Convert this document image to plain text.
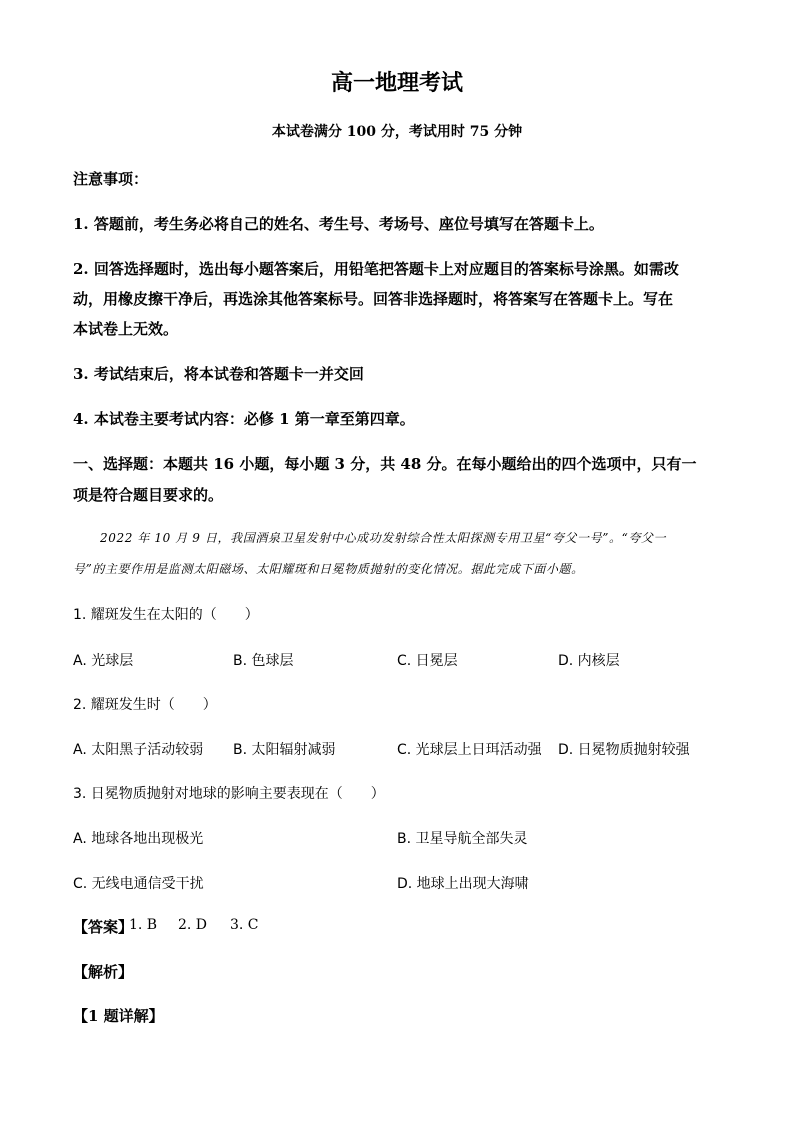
高一地理考试
本试卷满分 100 分，考试用时 75 分钟
注意事项：
1. 答题前，考生务必将自己的姓名、考生号、考场号、座位号填写在答题卡上。
2. 回答选择题时，选出每小题答案后，用铅笔把答题卡上对应题目的答案标号涂黑。如需改
动，用橡皮擦干净后，再选涂其他答案标号。回答非选择题时，将答案写在答题卡上。写在
本试卷上无效。
3. 考试结束后，将本试卷和答题卡一并交回
4. 本试卷主要考试内容：必修 1 第一章至第四章。
一、选择题：本题共 16 小题，每小题 3 分，共 48 分。在每小题给出的四个选项中，只有一
项是符合题目要求的。
2022 年 10 月 9 日，我国酒泉卫星发射中心成功发射综合性太阳探测专用卫星“夸父一号”。“夸父一
号”的主要作用是监测太阳磁场、太阳耀斑和日冕物质抛射的变化情况。据此完成下面小题。
1. 耀斑发生在太阳的（　　）
A. 光球层	B. 色球层	C. 日冕层	D. 内核层
2. 耀斑发生时（　　）
A. 太阳黑子活动较弱 B. 太阳辐射减弱	C. 光球层上日珥活动强 D. 日冕物质抛射较强
3. 日冕物质抛射对地球的影响主要表现在（　　）
A. 地球各地出现极光	B. 卫星导航全部失灵
C. 无线电通信受干扰	D. 地球上出现大海啸
【答案】
1. B 2. D 3. C
【解析】
【1 题详解】
